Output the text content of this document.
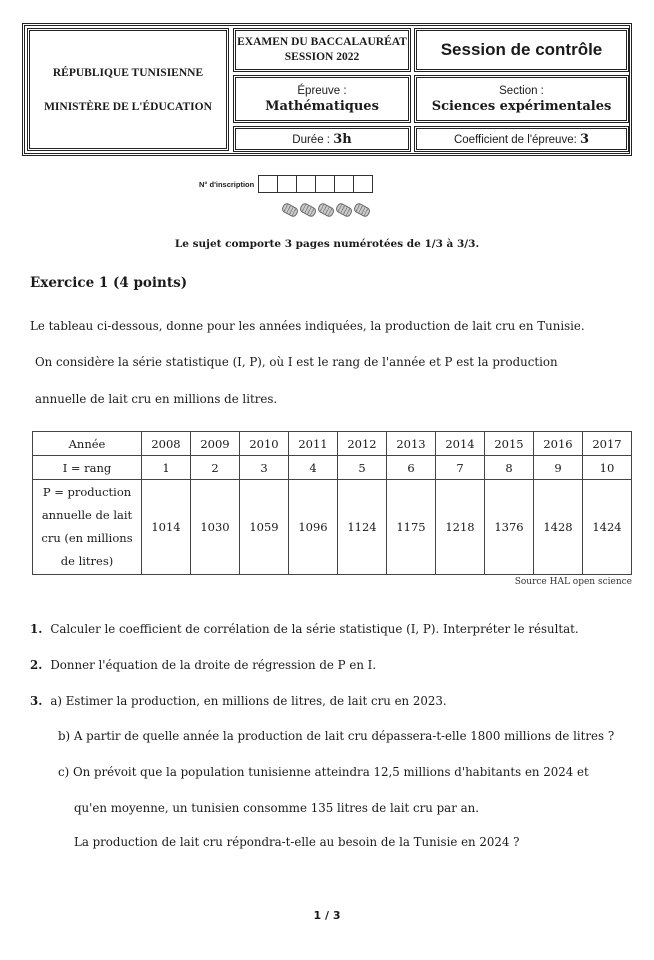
RÉPUBLIQUE TUNISIENNE
MINISTÈRE DE L'ÉDUCATION
EXAMEN DU BACCALAURÉAT
SESSION 2022	Session de contrôle
Épreuve :
Mathématiques
Section :
Sciences expérimentales
Durée : 3h	Coefficient de l'épreuve: 3
N° d'inscription
Le sujet comporte 3 pages numérotées de 1/3 à 3/3.
Exercice 1 (4 points)
Le tableau ci-dessous, donne pour les années indiquées, la production de lait cru en Tunisie.
On considère la série statistique (I, P), où I est le rang de l'année et P est la production
annuelle de lait cru en millions de litres.
Année	2008	2009	2010	2011	2012	2013	2014	2015	2016	2017
I = rang	1	2	3	4	5	6	7	8	9	10

P = production
annuelle de lait
cru (en millions
de litres)	1014	1030	1059	1096	1124	1175	1218	1376	1428	1424
Source HAL open science
1. Calculer le coefficient de corrélation de la série statistique (I, P). Interpréter le résultat.
2. Donner l'équation de la droite de régression de P en I.
3. a) Estimer la production, en millions de litres, de lait cru en 2023.
b) A partir de quelle année la production de lait cru dépassera-t-elle 1800 millions de litres ?
c) On prévoit que la population tunisienne atteindra 12,5 millions d'habitants en 2024 et
qu'en moyenne, un tunisien consomme 135 litres de lait cru par an.
La production de lait cru répondra-t-elle au besoin de la Tunisie en 2024 ?
1 / 3
